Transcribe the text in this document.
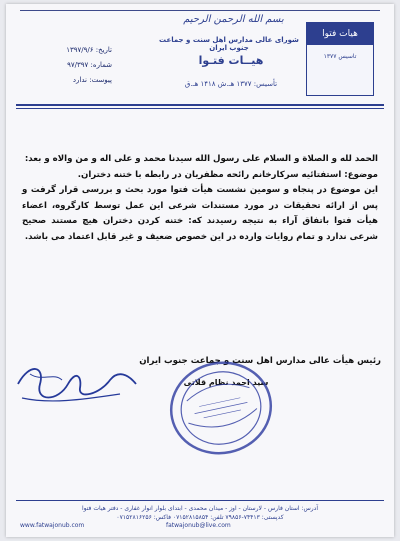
هیات فتوا
تاسیس ۱۳۷۷
بسم الله الرحمن الرحیم
شورای عالی مدارس اهل سنت و جماعت جنوب ایران
هیــات فتـوا
تأسیس: ۱۳۷۷ هـ.ش ۱۴۱۸ هـ.ق
تاریخ: ۱۳۹۷/۹/۶
شماره: ۹۷/۳۹۷
پیوست: ندارد

الحمد لله و الصلاة و السلام علی رسول الله سیدنا محمد و علی اله و من والاه و بعد:

موضوع: استفتائیه سرکارخانم رائحه مظفریان در رابطه با ختنه دختران.

این موضوع در پنجاه و سومین نشست هیأت فتوا مورد بحث و بررسی قرار گرفت و پس از ارائه تحقیقات در مورد مستندات شرعی این عمل توسط کارگروه، اعضاء هیأت فتوا باتفاق آراء به نتیجه رسیدند که: ختنه کردن دختران هیچ مستند صحیح شرعی ندارد و تمام روایات وارده در این خصوص ضعیف و غیر قابل اعتماد می باشد.

رئیس هیأت عالی مدارس اهل سنت و جماعت جنوب ایران
سید احمد نظام قلاتی
آدرس: استان فارس - لارستان - اوز - میدان محمدی - ابتدای بلوار انوار غفاری - دفتر هیات فتوا
کدپستی: ۷۴۴۱۳-۷۹۸۵۶ تلفن: ۰۷۱۵۲۸۱۵۸۵۴ فاکس: ۰۷۱۵۲۸۱۶۲۵۶
www.fatwajonub.com	fatwajonub@live.com
